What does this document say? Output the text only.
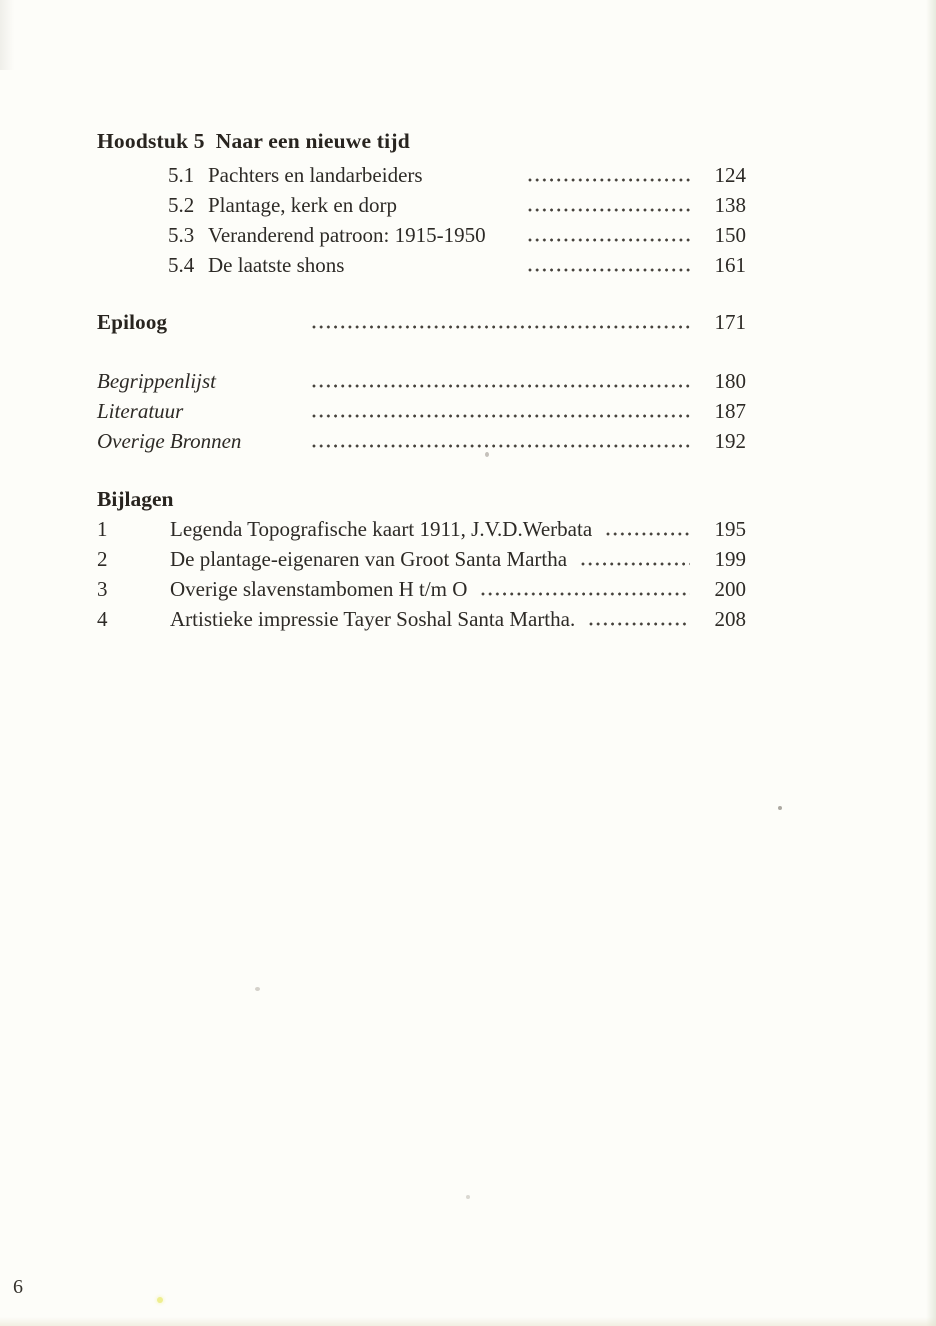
Hoodstuk 5 Naar een nieuwe tijd
5.1 Pachters en landarbeiders	124
5.2 Plantage, kerk en dorp	138
5.3 Veranderend patroon: 1915-1950	150
5.4 De laatste shons	161
Epiloog	171
Begrippenlijst	180
Literatuur	187
Overige Bronnen	192
Bijlagen
1	Legenda Topografische kaart 1911, J.V.D.Werbata	195
2	De plantage-eigenaren van Groot Santa Martha	199
3	Overige slavenstambomen H t/m O	200
4	Artistieke impressie Tayer Soshal Santa Martha.	208
6
